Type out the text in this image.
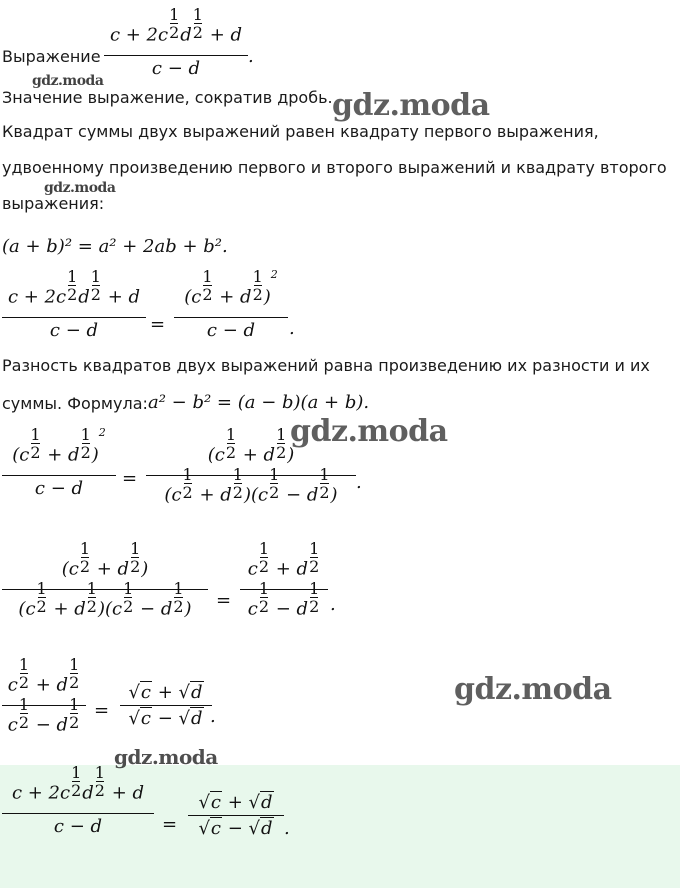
Выражение
Значение выражение, сократив дробь.
Квадрат суммы двух выражений равен квадрату первого выражения,
удвоенному произведению первого и второго выражений и квадрату второго
выражения:
Разность квадратов двух выражений равна произведению их разности и их
суммы. Формула:
c + 2c1
2d1
2 + d
c − d
.
(a + b)² = a² + 2ab + b².
c + 2c1
2d1
2 + d
c − d	=
(c1
2 + d1
2)$^2$
c − d	.
a² − b² = (a − b)(a + b).
(c1
2 + d1
2)$^2$
c − d	=
(c1
2 + d1
2)
(c1
2 + d1
2)(c1
2 − d1
2)
.
(c1
2 + d1
2)
(c1
2 + d1
2)(c1
2 − d1
2)	=
c1
2 + d1
2
c1
2 − d1
2 .
c1
2 + d1
2
c1
2 − d1
2
=
√c + √d
√c − √d .
c + 2c1
2d1
2 + d
c − d	=
√c + √d
√c − √d .
gdz.moda
gdz.moda
gdz.moda
gdz.moda
gdz.moda
gdz.moda
